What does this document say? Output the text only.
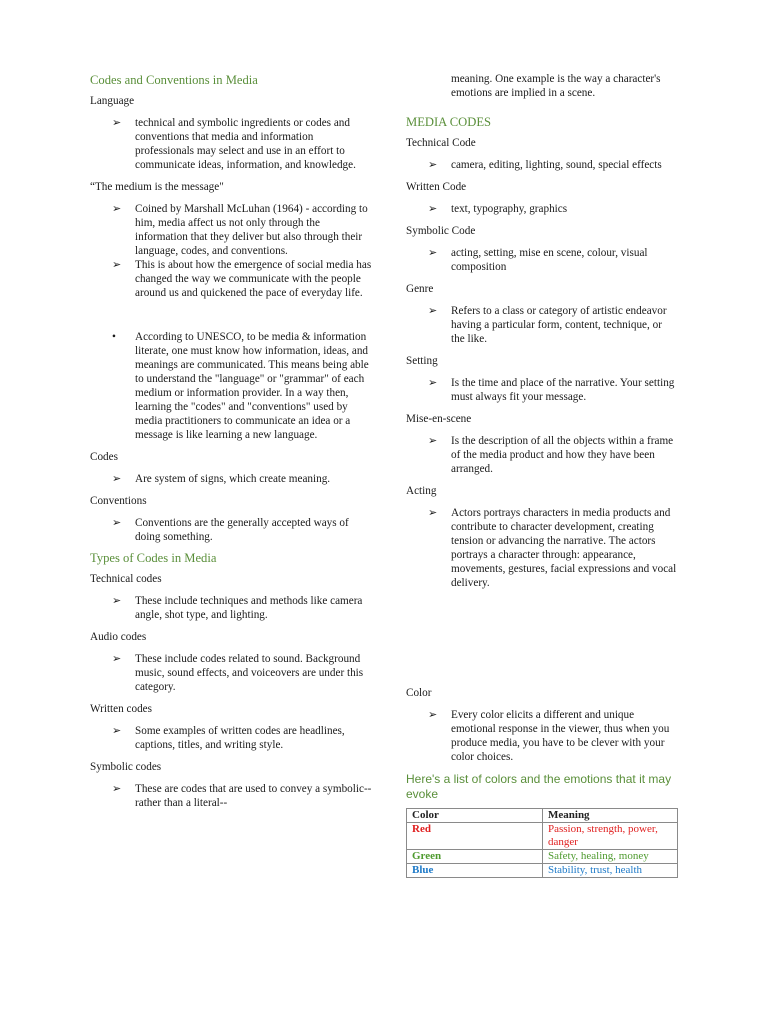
Codes and Conventions in Media

Language

➢ technical and symbolic ingredients or codes and conventions that media and information professionals may select and use in an effort to communicate ideas, information, and knowledge.

“The medium is the message"

➢ Coined by Marshall McLuhan (1964) - according to him, media affect us not only through the information that they deliver but also through their language, codes, and conventions.
➢ This is about how the emergence of social media has changed the way we communicate with the people around us and quickened the pace of everyday life.
• According to UNESCO, to be media & information literate, one must know how information, ideas, and meanings are communicated. This means being able to understand the "language" or "grammar" of each medium or information provider. In a way then, learning the "codes" and "conventions" used by media practitioners to communicate an idea or a message is like learning a new language.

Codes

➢ Are system of signs, which create meaning.

Conventions

➢ Conventions are the generally accepted ways of doing something.

Types of Codes in Media

Technical codes

➢ These include techniques and methods like camera angle, shot type, and lighting.

Audio codes

➢ These include codes related to sound. Background music, sound effects, and voiceovers are under this category.

Written codes

➢ Some examples of written codes are headlines, captions, titles, and writing style.

Symbolic codes

➢ These are codes that are used to convey a symbolic--rather than a literal--
meaning. One example is the way a character's emotions are implied in a scene.

MEDIA CODES

Technical Code

➢ camera, editing, lighting, sound, special effects

Written Code

➢ text, typography, graphics

Symbolic Code

➢ acting, setting, mise en scene, colour, visual composition

Genre

➢ Refers to a class or category of artistic endeavor having a particular form, content, technique, or the like.

Setting

➢ Is the time and place of the narrative. Your setting must always fit your message.

Mise-en-scene

➢ Is the description of all the objects within a frame of the media product and how they have been arranged.

Acting

➢ Actors portrays characters in media products and contribute to character development, creating tension or advancing the narrative. The actors portrays a character through: appearance, movements, gestures, facial expressions and vocal delivery.

Color

➢ Every color elicits a different and unique emotional response in the viewer, thus when you produce media, you have to be clever with your color choices.

Here's a list of colors and the emotions that it may evoke

Color	Meaning
Red	Passion, strength, power, danger
Green	Safety, healing, money
Blue	Stability, trust, health
